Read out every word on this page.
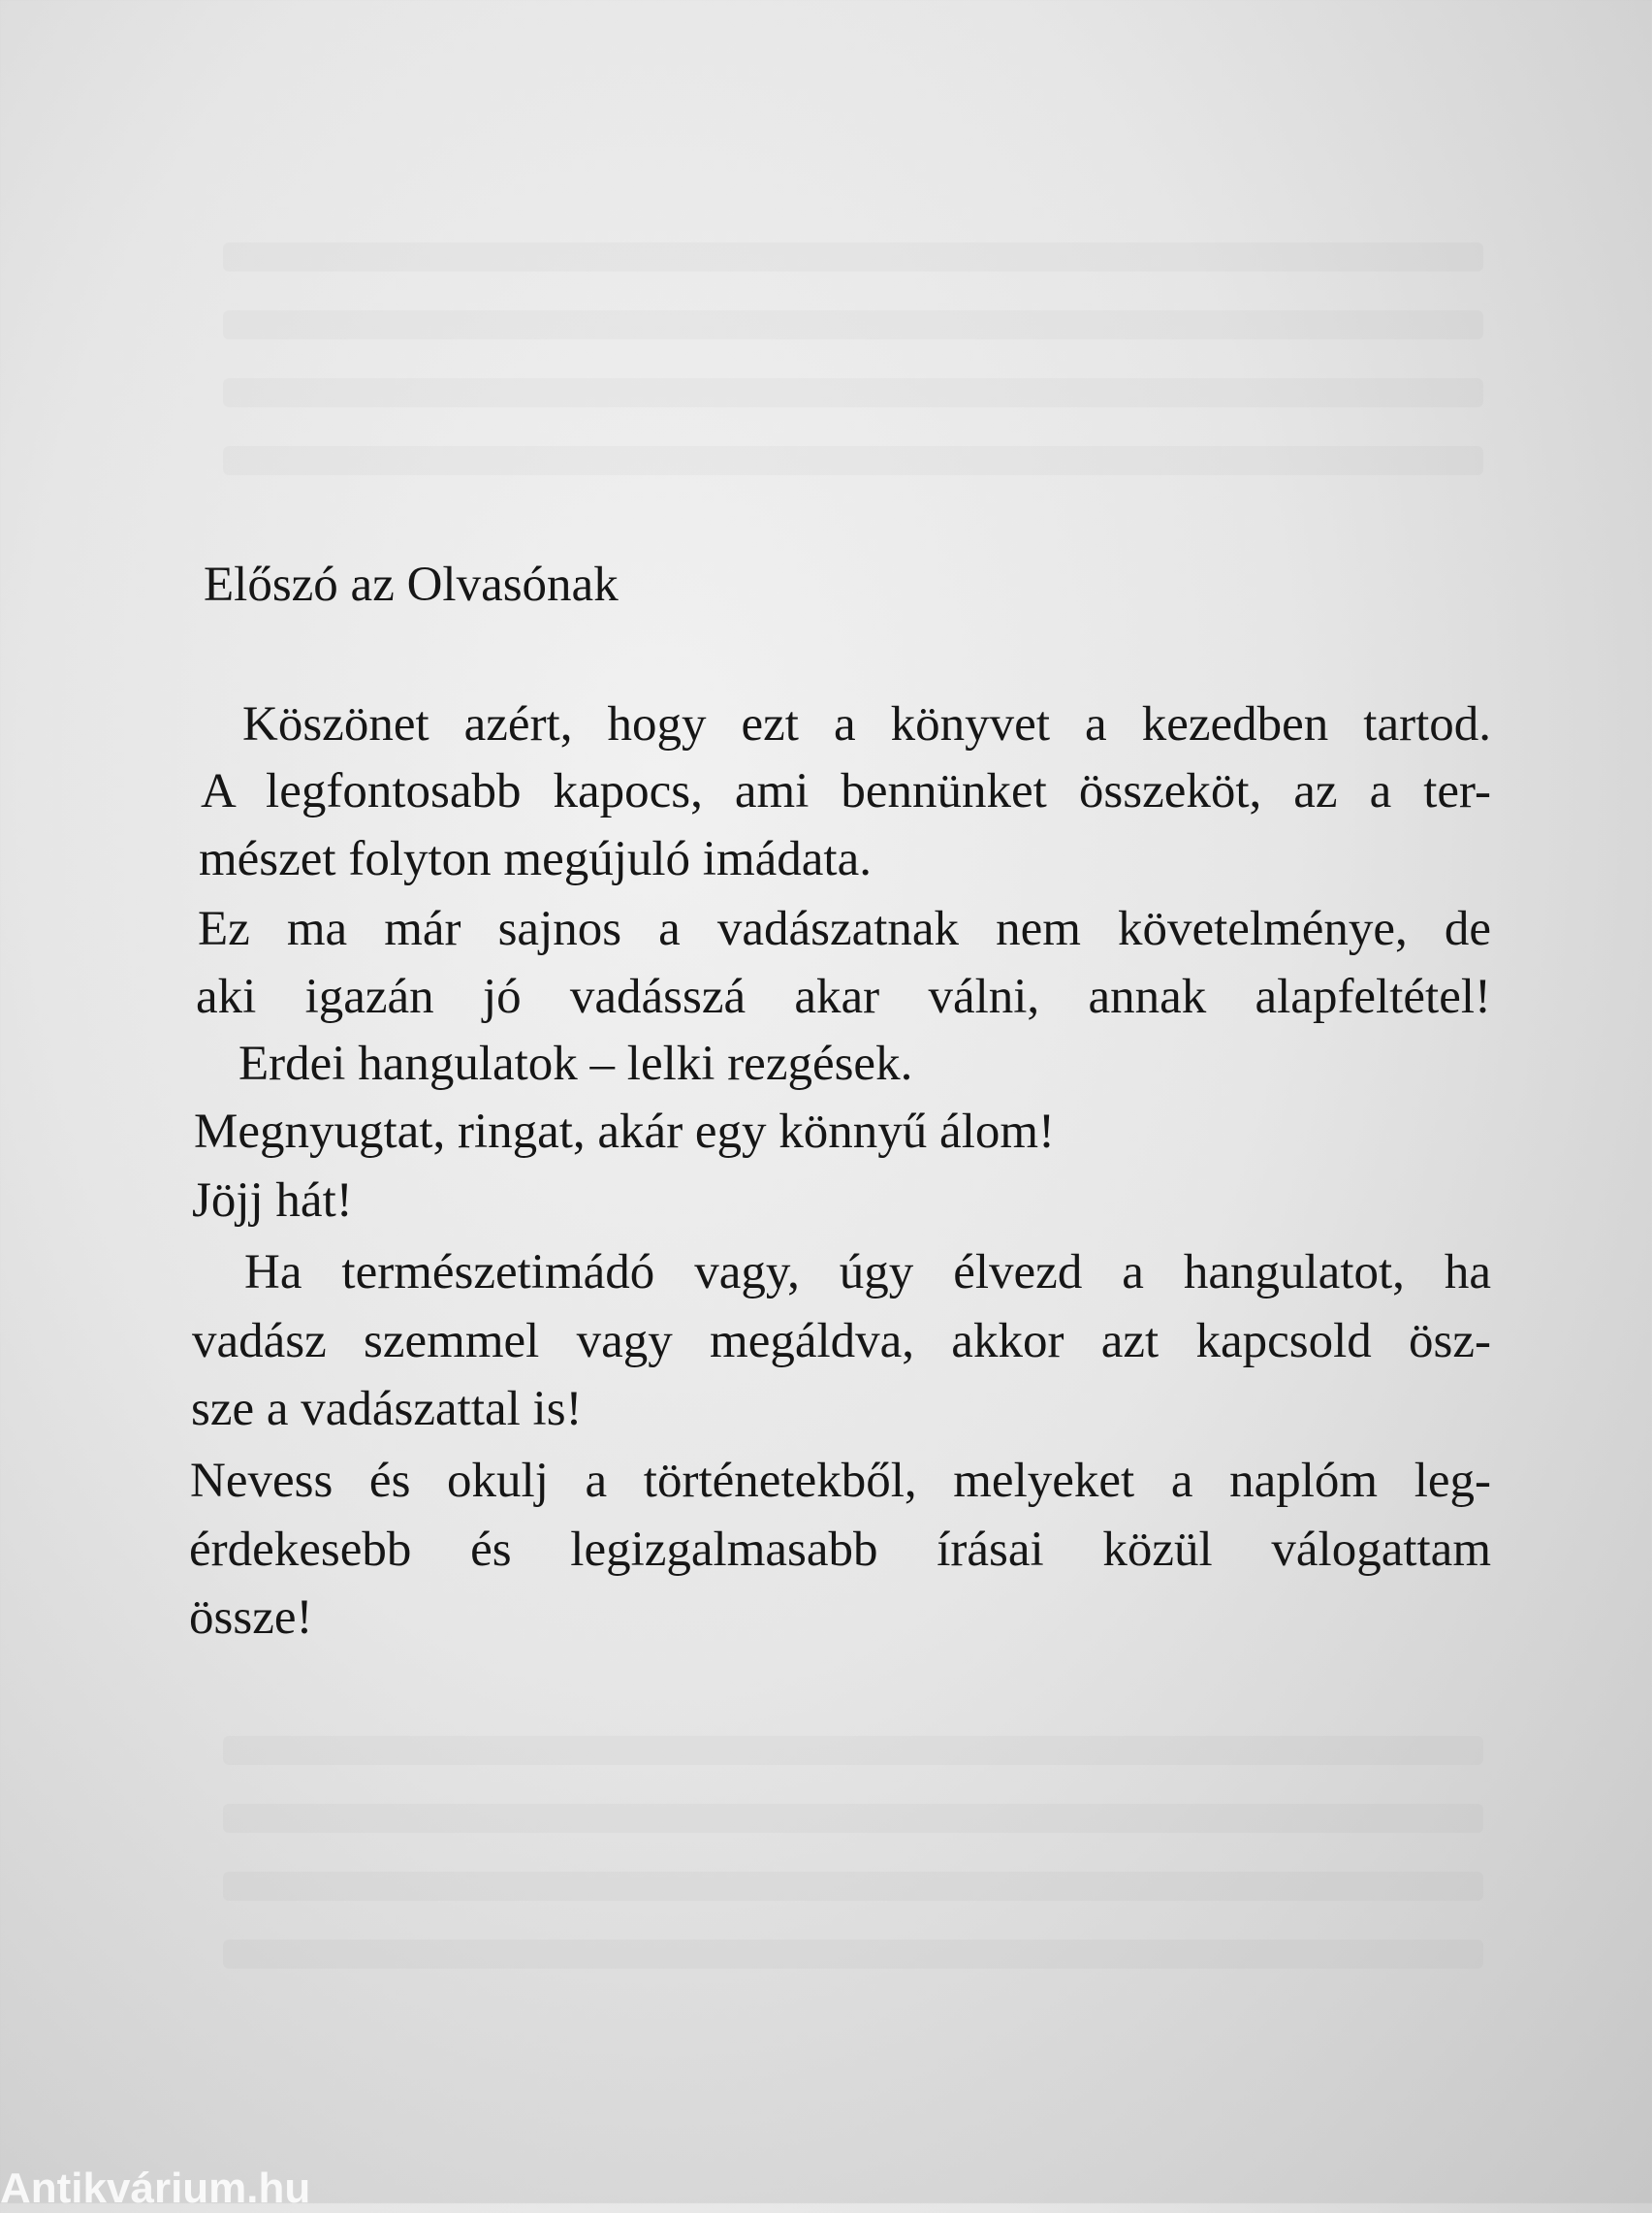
Előszó az Olvasónak

Köszönet azért, hogy ezt a könyvet a kezedben tartod.

A legfontosabb kapocs, ami bennünket összeköt, az a ter-

mészet folyton megújuló imádata.

Ez ma már sajnos a vadászatnak nem követelménye, de

aki igazán jó vadásszá akar válni, annak alapfeltétel!

Erdei hangulatok – lelki rezgések.

Megnyugtat, ringat, akár egy könnyű álom!

Jöjj hát!

Ha természetimádó vagy, úgy élvezd a hangulatot, ha

vadász szemmel vagy megáldva, akkor azt kapcsold ösz-

sze a vadászattal is!

Nevess és okulj a történetekből, melyeket a naplóm leg-

érdekesebb és legizgalmasabb írásai közül válogattam

össze!

Antikvárium.hu
